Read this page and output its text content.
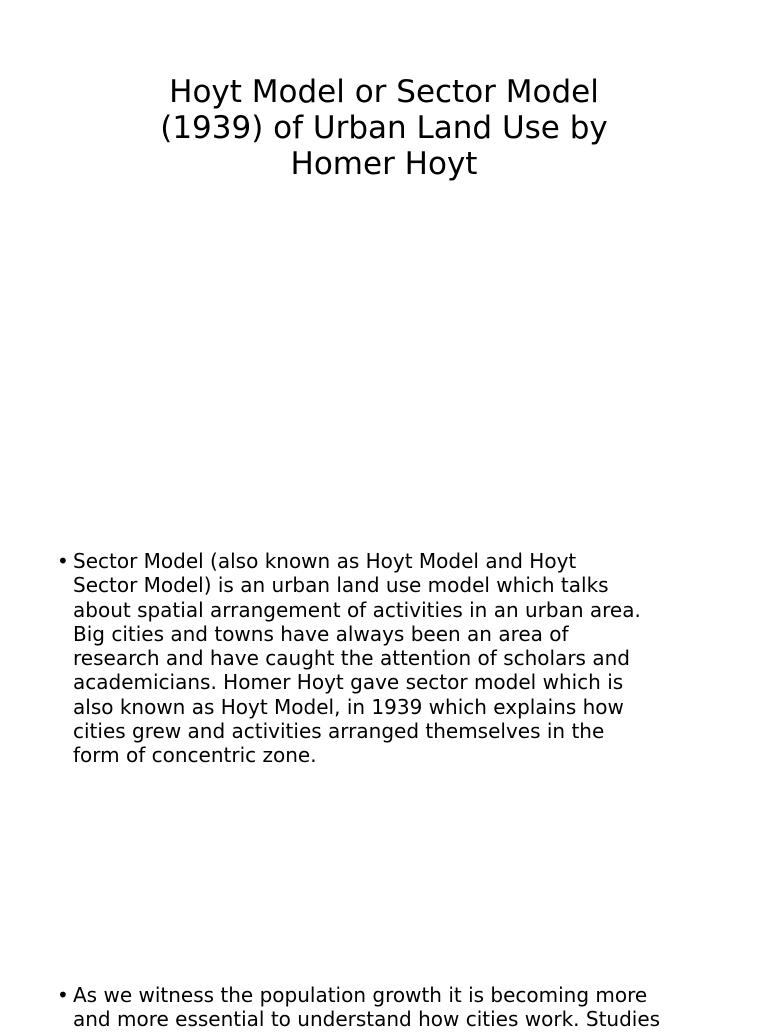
Hoyt Model or Sector Model
(1939) of Urban Land Use by
Homer Hoyt
• Sector Model (also known as Hoyt Model and Hoyt
Sector Model) is an urban land use model which talks
about spatial arrangement of activities in an urban area.
Big cities and towns have always been an area of
research and have caught the attention of scholars and
academicians. Homer Hoyt gave sector model which is
also known as Hoyt Model, in 1939 which explains how
cities grew and activities arranged themselves in the
form of concentric zone.
• As we witness the population growth it is becoming more
and more essential to understand how cities work. Studies
